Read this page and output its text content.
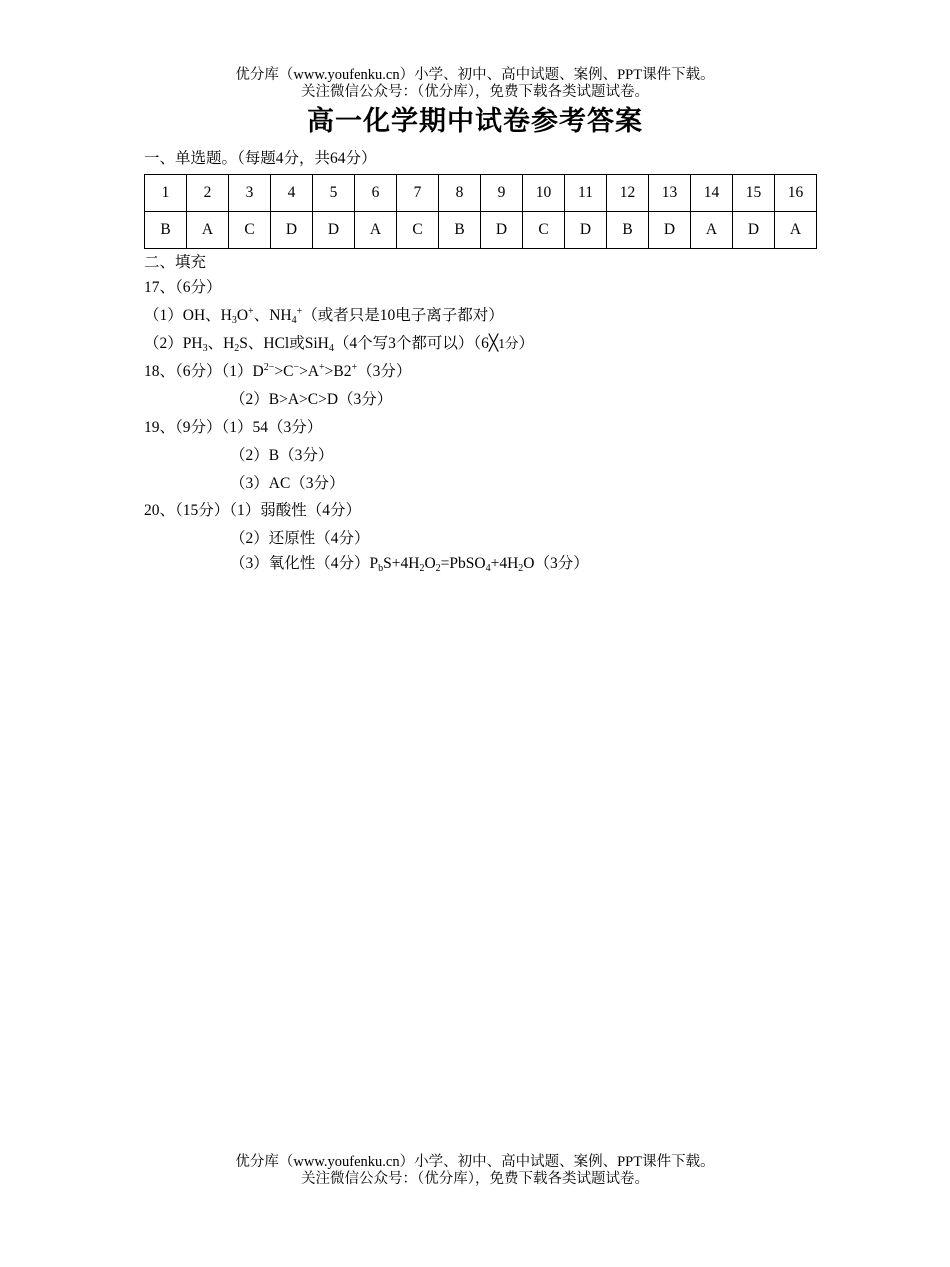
优分库（www.youfenku.cn）小学、初中、高中试题、案例、PPT课件下载。
关注微信公众号：（优分库），免费下载各类试题试卷。
高一化学期中试卷参考答案
一、单选题。（每题4分，共64分）
1	2	3	4	5	6	7	8	9	10	11	12	13	14	15	16
B	A	C	D	D	A	C	B	D	C	D	B	D	A	D	A
二、填充
17、（6分）
（1）OH、$H_3O^+$、$NH_4^+$（或者只是10电子离子都对）
$(2)PH_3$、$H_2S$、HCl或SiH$_4$（4个写3个都可以）（6╳1分）
18、（6分）$(1)D^{2-}>C^->A^+>B2^+(3$分）
（2）B>A>C>D（3分）
19、（9分）（1）54（3分）
（2）B（3分）
（3）AC（3分）
20、（15分）（1）弱酸性（4分）
（2）还原性（4分）
（3）氧化性（4分）$P_bS+4H_2O_2=PbSO_4+4H_2O(3$分）
优分库（www.youfenku.cn）小学、初中、高中试题、案例、PPT课件下载。
关注微信公众号：（优分库），免费下载各类试题试卷。
